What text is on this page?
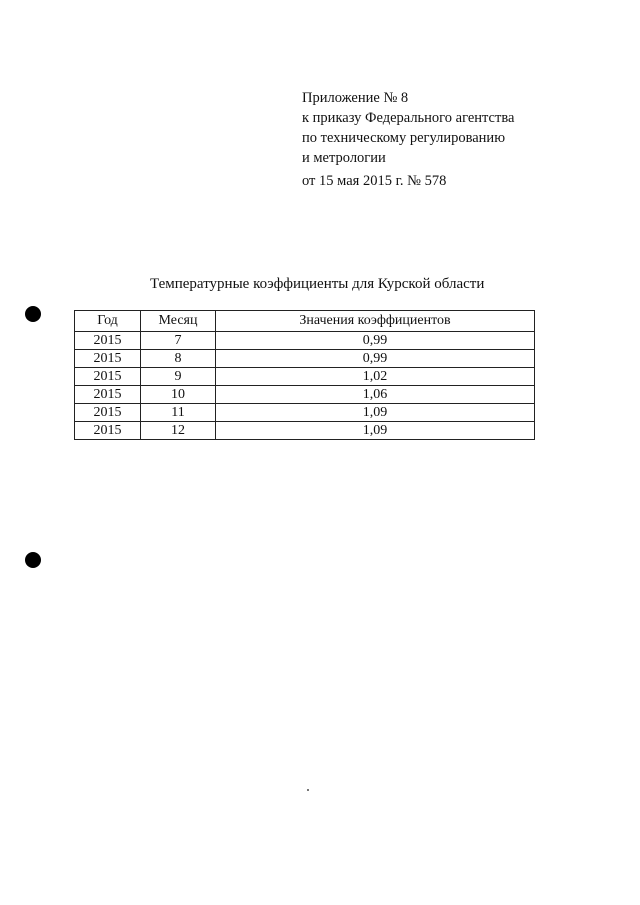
Приложение № 8
к приказу Федерального агентства
по техническому регулированию
и метрологии
от 15 мая 2015 г. № 578
Температурные коэффициенты для Курской области
Год	Месяц	Значения коэффициентов
2015	7	0,99
2015	8	0,99
2015	9	1,02
2015	10	1,06
2015	11	1,09
2015	12	1,09
